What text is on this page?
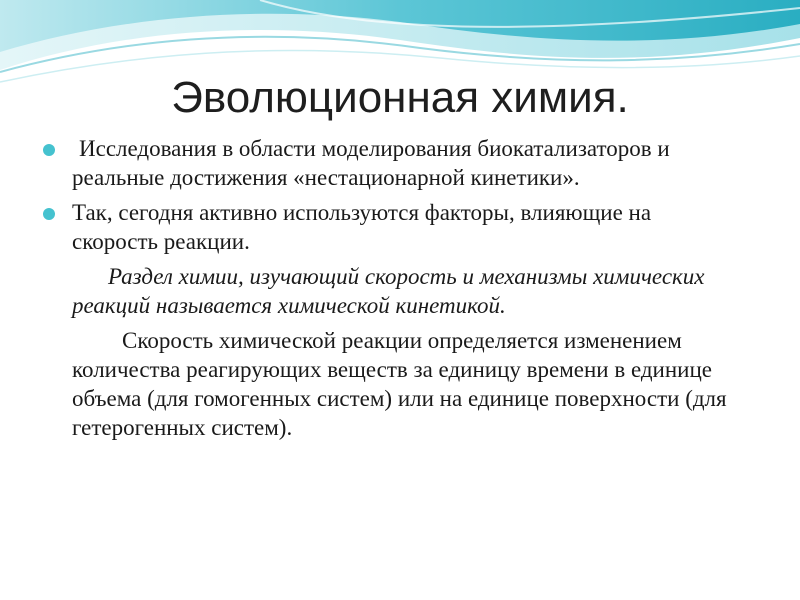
Эволюционная химия.
Исследования в области моделирования биокатализаторов и реальные достижения «нестационарной кинетики».
Так, сегодня активно используются факторы, влияющие на скорость реакции.
Раздел химии, изучающий скорость и механизмы химических реакций называется химической кинетикой.
Скорость химической реакции определяется изменением количества реагирующих веществ за единицу времени в единице объема (для гомогенных систем) или на единице поверхности (для гетерогенных систем).
